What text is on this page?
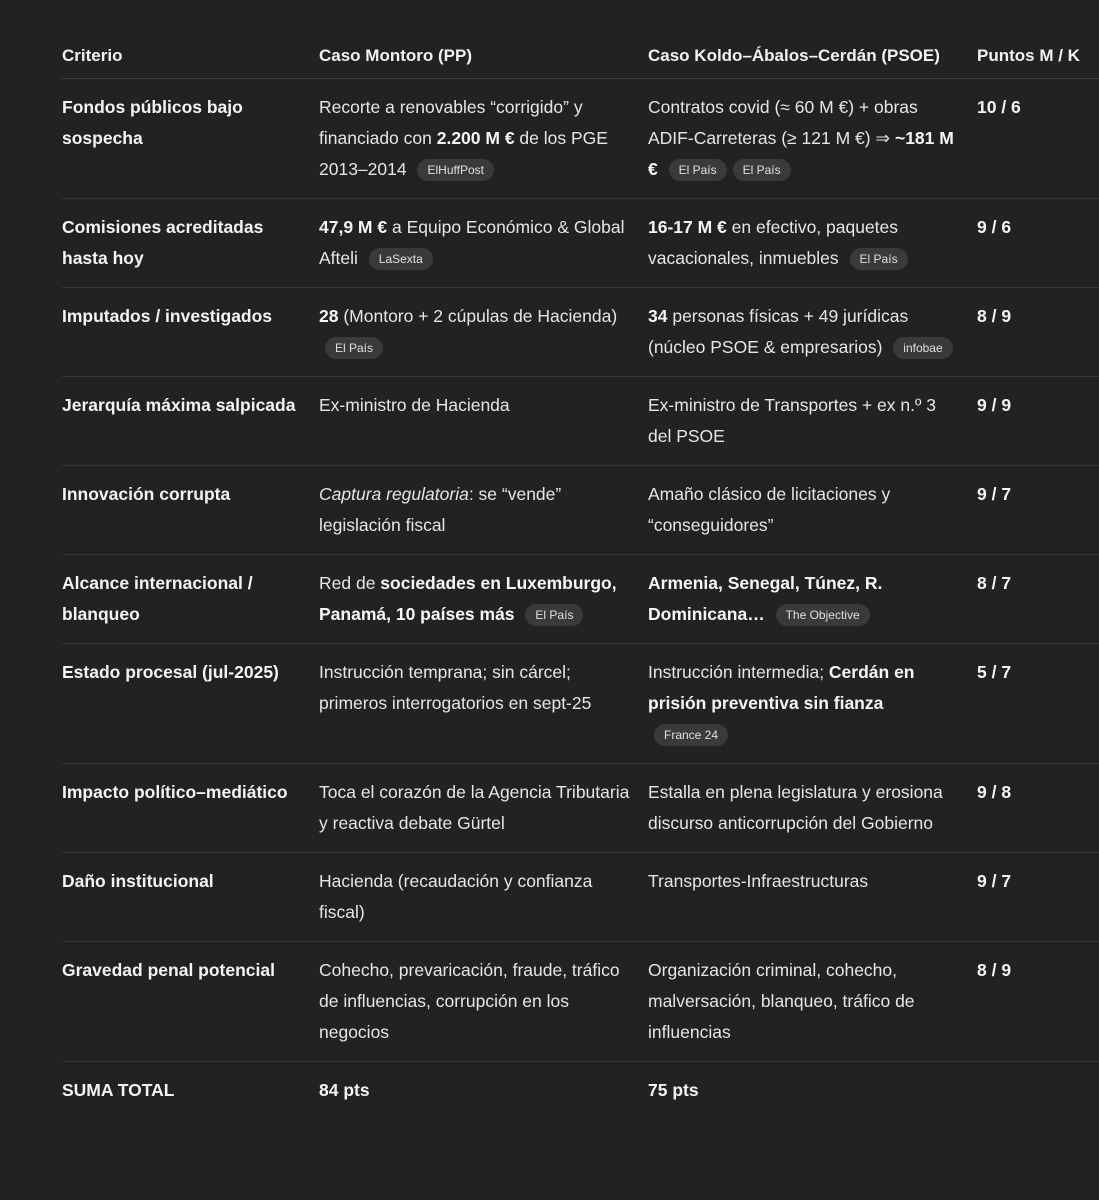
Criterio	Caso Montoro (PP)	Caso Koldo–Ábalos–Cerdán (PSOE)	Puntos M / K
Fondos públicos bajo sospecha	Recorte a renovables “corrigido” y financiado con 2.200 M € de los PGE 2013–2014 ElHuffPost	Contratos covid (≈ 60 M €) + obras ADIF-Carreteras (≥ 121 M €) ⇒ ~181 M € El País El País	10 / 6
Comisiones acreditadas hasta hoy	47,9 M € a Equipo Económico & Global Afteli LaSexta	16-17 M € en efectivo, paquetes vacacionales, inmuebles El País	9 / 6
Imputados / investigados	28 (Montoro + 2 cúpulas de Hacienda) El País	34 personas físicas + 49 jurídicas (núcleo PSOE & empresarios) infobae	8 / 9
Jerarquía máxima salpicada	Ex-ministro de Hacienda	Ex-ministro de Transportes + ex n.º 3 del PSOE	9 / 9
Innovación corrupta	Captura regulatoria: se “vende” legislación fiscal	Amaño clásico de licitaciones y “conseguidores”	9 / 7
Alcance internacional / blanqueo	Red de sociedades en Luxemburgo, Panamá, 10 países más El País	Armenia, Senegal, Túnez, R. Dominicana… The Objective	8 / 7
Estado procesal (jul-2025)	Instrucción temprana; sin cárcel; primeros interrogatorios en sept-25	Instrucción intermedia; Cerdán en prisión preventiva sin fianza France 24	5 / 7
Impacto político–mediático	Toca el corazón de la Agencia Tributaria y reactiva debate Gürtel	Estalla en plena legislatura y erosiona discurso anticorrupción del Gobierno	9 / 8
Daño institucional	Hacienda (recaudación y confianza fiscal)	Transportes-Infraestructuras	9 / 7
Gravedad penal potencial	Cohecho, prevaricación, fraude, tráfico de influencias, corrupción en los negocios	Organización criminal, cohecho, malversación, blanqueo, tráfico de influencias	8 / 9
SUMA TOTAL	84 pts	75 pts	
